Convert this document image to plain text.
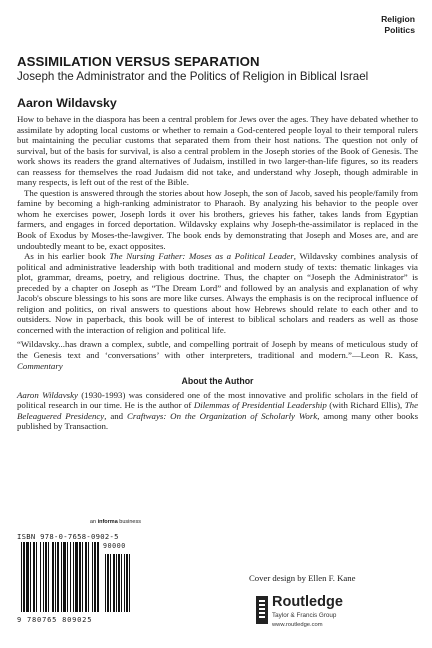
Religion
Politics
ASSIMILATION VERSUS SEPARATION
Joseph the Administrator and the Politics of Religion in Biblical Israel
Aaron Wildavsky

How to behave in the diaspora has been a central problem for Jews over the ages. They have debated whether to assimilate by adopting local customs or whether to remain a God-centered people loyal to their temporal rulers but maintaining the peculiar customs that separated them from their host nations. The question not only of survival, but of the basis for survival, is also a central problem in the Joseph stories of the Book of Genesis. The work shows its readers the grand alternatives of Judaism, instilled in two larger-than-life figures, so its readers can reassess for themselves the road Judaism did not take, and understand why Joseph, though admirable in many respects, is left out of the rest of the Bible.

The question is answered through the stories about how Joseph, the son of Jacob, saved his people/family from famine by becoming a high-ranking administrator to Pharaoh. By analyzing his behavior to the people over whom he exercises power, Joseph lords it over his brothers, grieves his father, takes lands from Egyptian farmers, and engages in forced deportation. Wildavsky explains why Joseph-the-assimilator is replaced in the Book of Exodus by Moses-the-lawgiver. The book ends by demonstrating that Joseph and Moses are, and are undoubtedly meant to be, exact opposites.

As in his earlier book The Nursing Father: Moses as a Political Leader, Wildavsky combines analysis of political and administrative leadership with both traditional and modern study of texts: thematic linkages via plot, grammar, dreams, poetry, and religious doctrine. Thus, the chapter on “Joseph the Administrator” is preceded by a chapter on Joseph as “The Dream Lord” and followed by an analysis and explanation of why Jacob's obscure blessings to his sons are more like curses. Always the emphasis is on the reciprocal influence of religion and politics, on rival answers to questions about how Hebrews should relate to each other and to outsiders. Now in paperback, this book will be of interest to biblical scholars and readers as well as those concerned with the interaction of religion and political life.

“Wildavsky...has drawn a complex, subtle, and compelling portrait of Joseph by means of meticulous study of the Genesis text and ‘conversations’ with other interpreters, traditional and modern.”—Leon R. Kass, Commentary

About the Author

Aaron Wildavsky (1930-1993) was considered one of the most innovative and prolific scholars in the field of political research in our time. He is the author of Dilemmas of Presidential Leadership (with Richard Ellis), The Beleaguered Presidency, and Craftways: On the Organization of Scholarly Work, among many other books published by Transaction.

an informa business
ISBN 978-0-7658-0902-5
90000
9 780765 809025
Cover design by Ellen F. Kane
Routledge
Taylor & Francis Group
www.routledge.com
